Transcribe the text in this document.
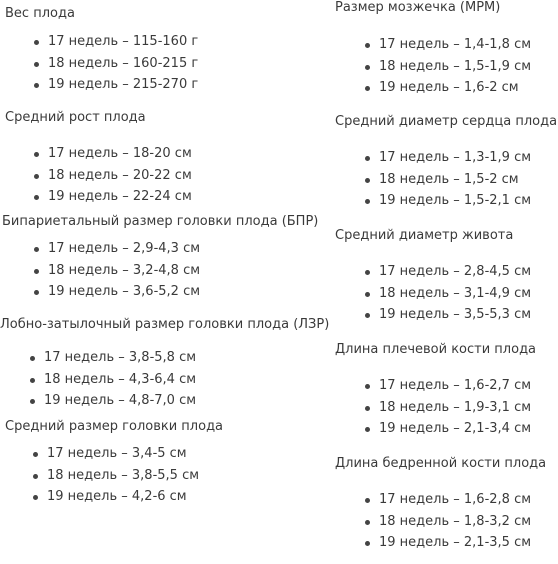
Вес плода
17 недель – 115-160 г
18 недель – 160-215 г
19 недель – 215-270 г
Средний рост плода
17 недель – 18-20 см
18 недель – 20-22 см
19 недель – 22-24 см
Бипариетальный размер головки плода (БПР)
17 недель – 2,9-4,3 см
18 недель – 3,2-4,8 см
19 недель – 3,6-5,2 см
Лобно-затылочный размер головки плода (ЛЗР)
17 недель – 3,8-5,8 см
18 недель – 4,3-6,4 см
19 недель – 4,8-7,0 см
Средний размер головки плода
17 недель – 3,4-5 см
18 недель – 3,8-5,5 см
19 недель – 4,2-6 см
Размер мозжечка (МРМ)
17 недель – 1,4-1,8 см
18 недель – 1,5-1,9 см
19 недель – 1,6-2 см
Средний диаметр сердца плода
17 недель – 1,3-1,9 см
18 недель – 1,5-2 см
19 недель – 1,5-2,1 см
Средний диаметр живота
17 недель – 2,8-4,5 см
18 недель – 3,1-4,9 см
19 недель – 3,5-5,3 см
Длина плечевой кости плода
17 недель – 1,6-2,7 см
18 недель – 1,9-3,1 см
19 недель – 2,1-3,4 см
Длина бедренной кости плода
17 недель – 1,6-2,8 см
18 недель – 1,8-3,2 см
19 недель – 2,1-3,5 см
